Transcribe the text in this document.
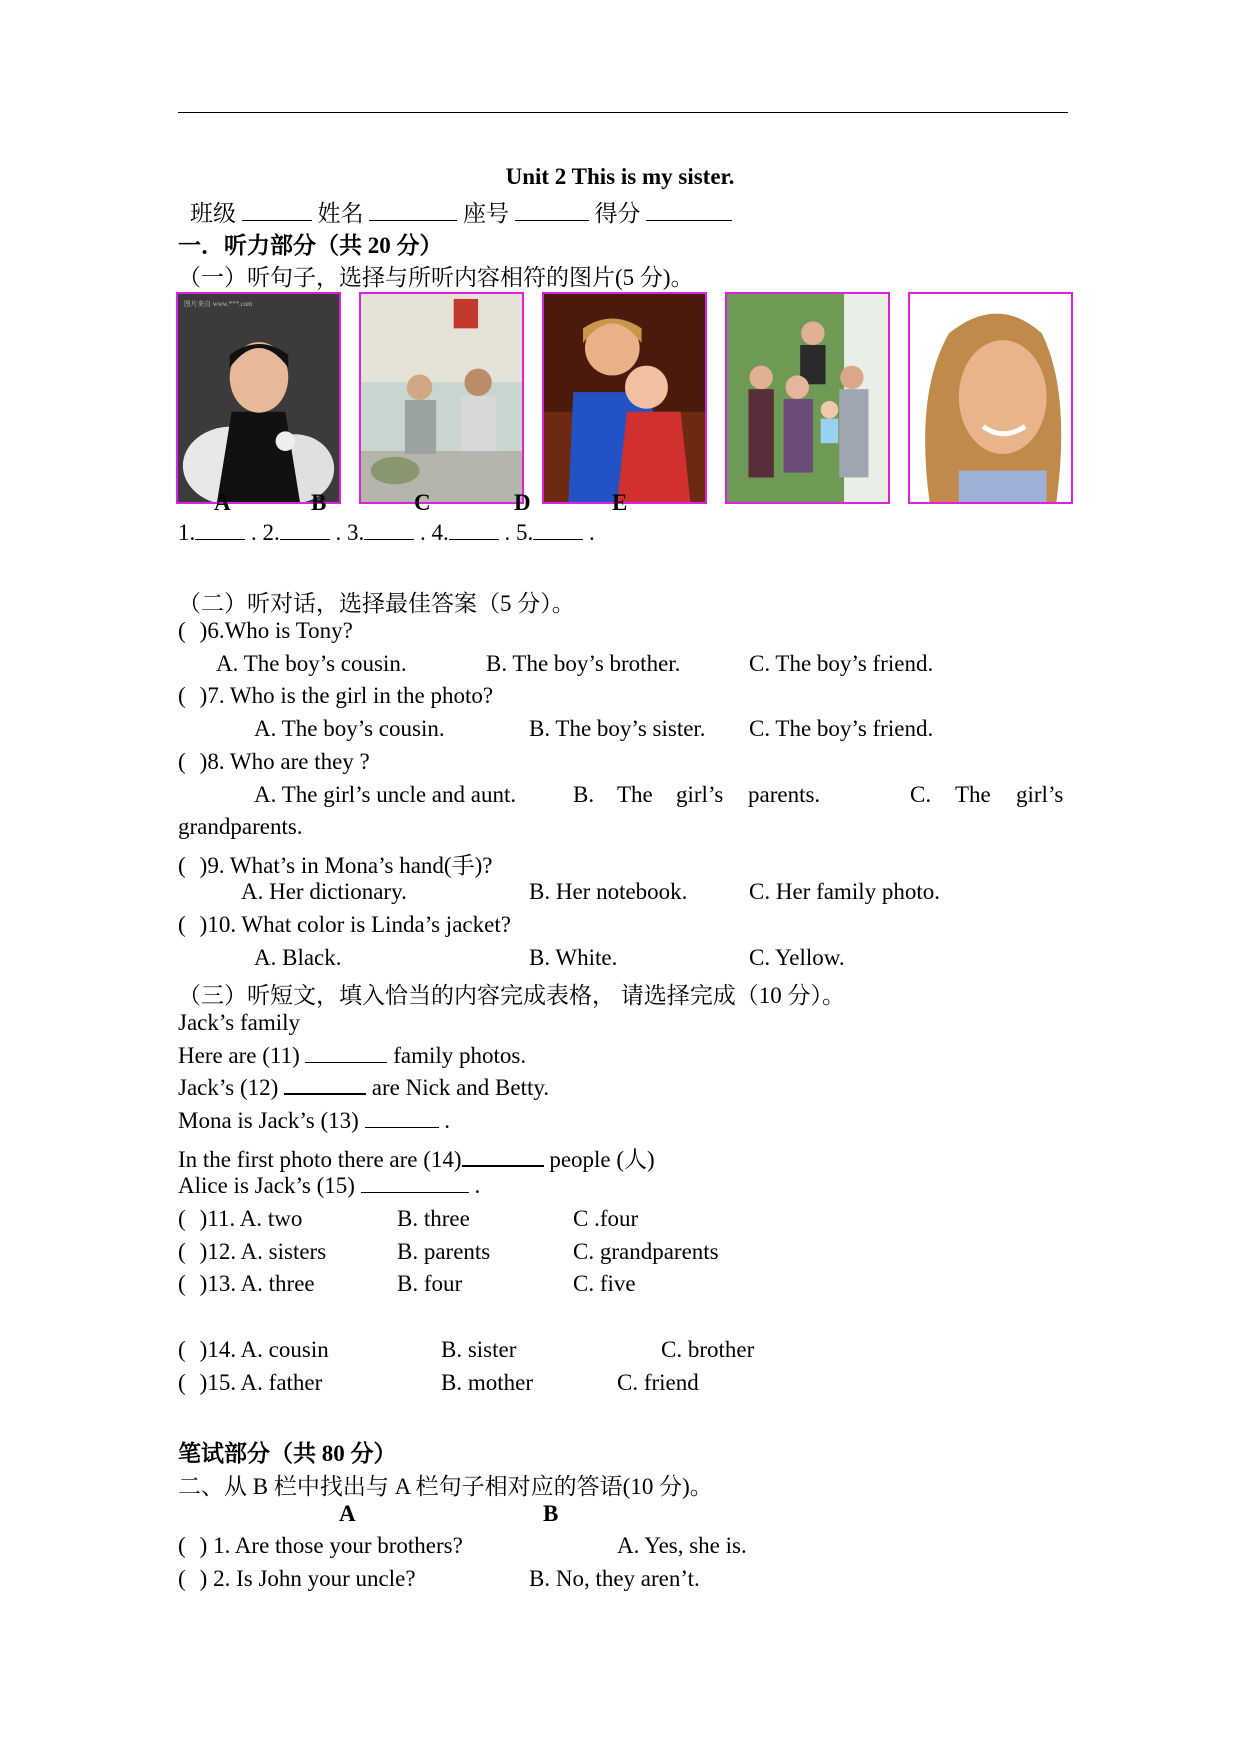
Unit 2 This is my sister.
班级	姓名	座号	得分
一．听力部分（共 20 分）
（一）听句子，选择与所听内容相符的图片(5 分)。
图片来自 www.***.com
A	B	C	D	E
1. . 2. . 3. . 4. . 5. .
（二）听对话，选择最佳答案（5 分）。
( )6.Who is Tony?
A. The boy’s cousin.	B. The boy’s brother.	C. The boy’s friend.
( )7. Who is the girl in the photo?
A. The boy’s cousin.	B. The boy’s sister. C. The boy’s friend.
( )8. Who are they ?
A. The girl’s uncle and aunt. B. The girl’s parents.	C. The girl’s
grandparents.
( )9. What’s in Mona’s hand(手)?
A. Her dictionary.	B. Her notebook.	C. Her family photo.
( )10. What color is Linda’s jacket?
A. Black.	B. White.	C. Yellow.
（三）听短文，填入恰当的内容完成表格， 请选择完成（10 分）。
Jack’s family
Here are (11)	family photos.
Jack’s (12)	are Nick and Betty.
Mona is Jack’s (13)	.
In the first photo there are (14)	people (人)
Alice is Jack’s (15)	.
( )11. A. two	B. three	C .four
( )12. A. sisters	B. parents	C. grandparents
( )13. A. three	B. four	C. five
( )14. A. cousin	B. sister	C. brother
( )15. A. father	B. mother	C. friend
笔试部分（共 80 分）
二、从 B 栏中找出与 A 栏句子相对应的答语(10 分)。
A	B
( ) 1. Are those your brothers?	A. Yes, she is.
( ) 2. Is John your uncle?	B. No, they aren’t.
